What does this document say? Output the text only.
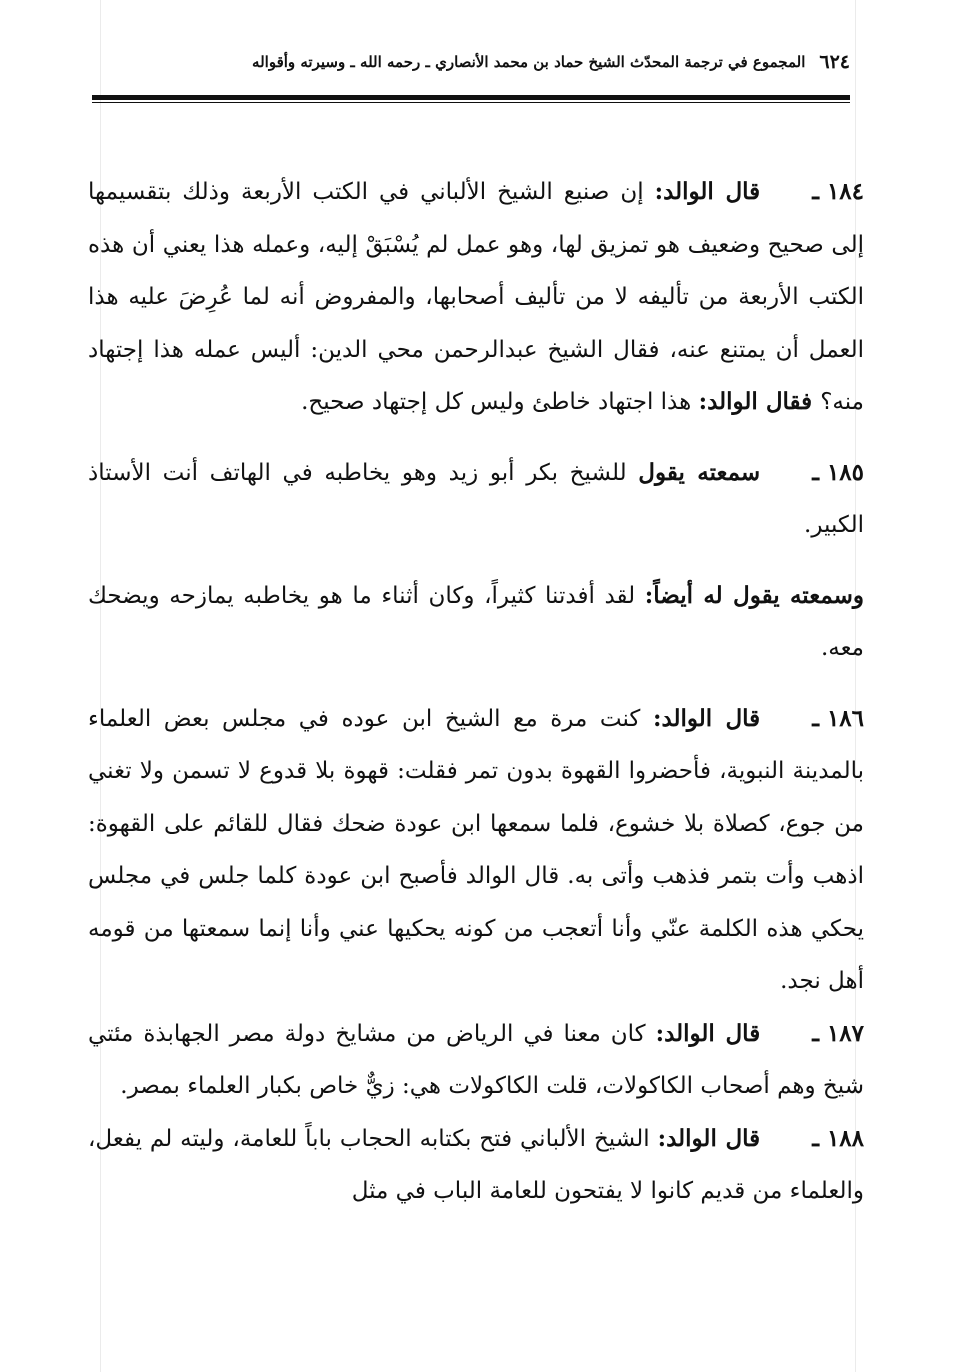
٦٢٤
المجموع في ترجمة المحدّث الشيخ حماد بن محمد الأنصاري ـ رحمه الله ـ وسيرته وأقواله

١٨٤ ـقال الوالد: إن صنيع الشيخ الألباني في الكتب الأربعة وذلك بتقسيمها إلى صحيح وضعيف هو تمزيق لها، وهو عمل لم يُسْبَقْ إليه، وعمله هذا يعني أن هذه الكتب الأربعة من تأليفه لا من تأليف أصحابها، والمفروض أنه لما عُرِضَ عليه هذا العمل أن يمتنع عنه، فقال الشيخ عبدالرحمن محي الدين: أليس عمله هذا إجتهاد منه؟ فقال الوالد: هذا اجتهاد خاطئ وليس كل إجتهاد صحيح.

١٨٥ ـسمعته يقول للشيخ بكر أبو زيد وهو يخاطبه في الهاتف أنت الأستاذ الكبير.

وسمعته يقول له أيضاً: لقد أفدتنا كثيراً، وكان أثناء ما هو يخاطبه يمازحه ويضحك معه.

١٨٦ ـقال الوالد: كنت مرة مع الشيخ ابن عوده في مجلس بعض العلماء بالمدينة النبوية، فأحضروا القهوة بدون تمر فقلت: قهوة بلا قدوع لا تسمن ولا تغني من جوع، كصلاة بلا خشوع، فلما سمعها ابن عودة ضحك فقال للقائم على القهوة: اذهب وأت بتمر فذهب وأتى به. قال الوالد فأصبح ابن عودة كلما جلس في مجلس يحكي هذه الكلمة عنّي وأنا أتعجب من كونه يحكيها عني وأنا إنما سمعتها من قومه أهل نجد.

١٨٧ ـقال الوالد: كان معنا في الرياض من مشايخ دولة مصر الجهابذة مئتي شيخ وهم أصحاب الكاكولات، قلت الكاكولات هي: زيٌّ خاص بكبار العلماء بمصر.

١٨٨ ـقال الوالد: الشيخ الألباني فتح بكتابه الحجاب باباً للعامة، وليته لم يفعل، والعلماء من قديم كانوا لا يفتحون للعامة الباب في مثل
